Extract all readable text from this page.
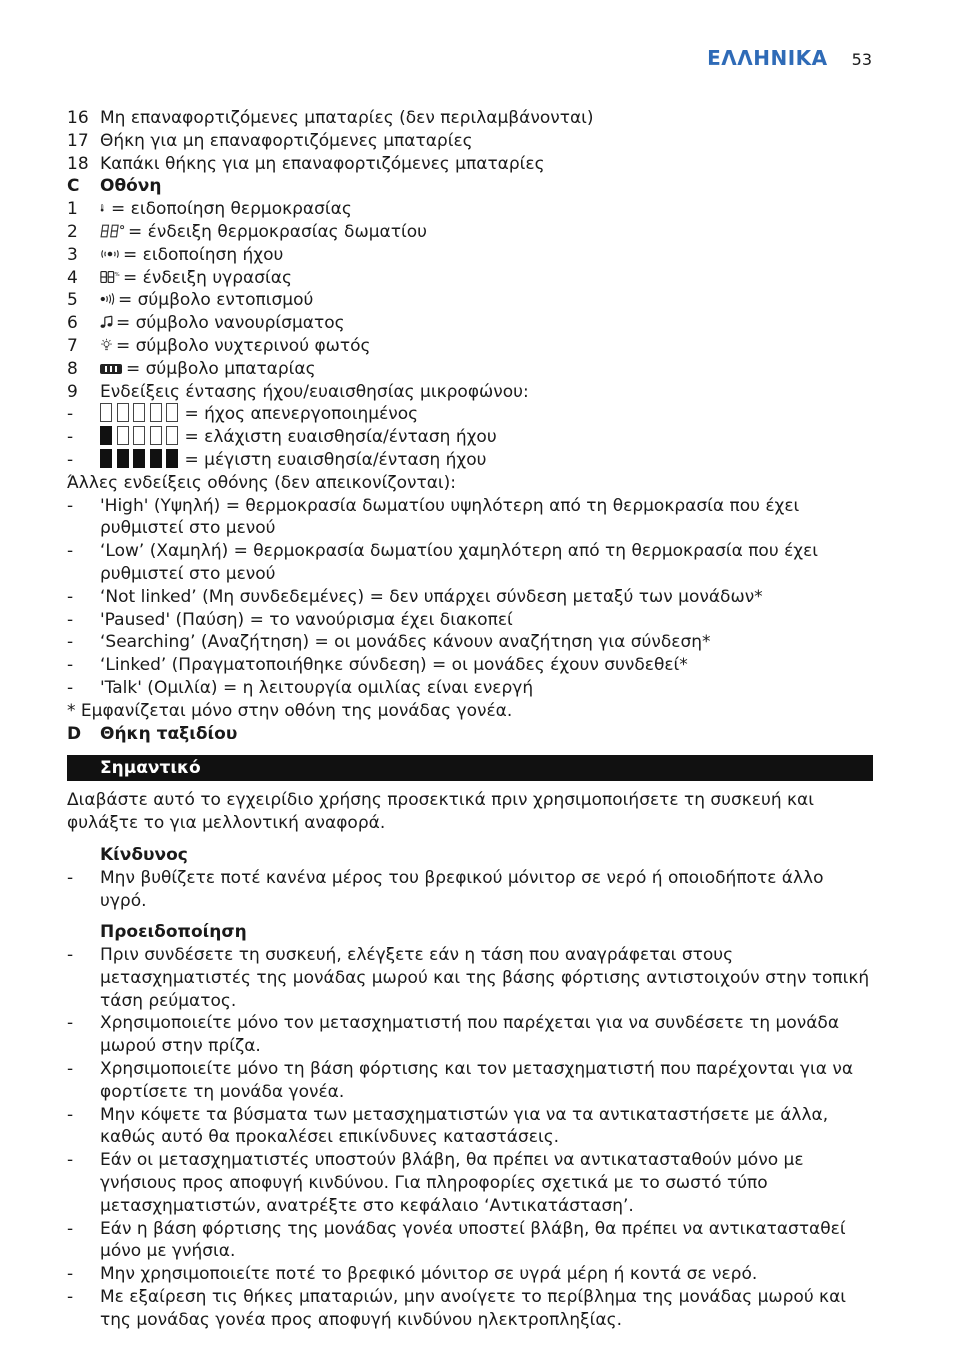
ΕΛΛΗΝΙΚΑ 53
16 Μη επαναφορτιζόμενες μπαταρίες (δεν περιλαμβάνονται)
17 Θήκη για μη επαναφορτιζόμενες μπαταρίες
18 Καπάκι θήκης για μη επαναφορτιζόμενες μπαταρίες
C	Οθόνη
1	= ειδοποίηση θερμοκρασίας
2	= ένδειξη θερμοκρασίας δωματίου
3	= ειδοποίηση ήχου
4	% = ένδειξη υγρασίας
5	= σύμβολο εντοπισμού
6	= σύμβολο νανουρίσματος
7	= σύμβολο νυχτερινού φωτός
8	= σύμβολο μπαταρίας
9	Ενδείξεις έντασης ήχου/ευαισθησίας μικροφώνου:
-	= ήχος απενεργοποιημένος
-	= ελάχιστη ευαισθησία/ένταση ήχου
-	= μέγιστη ευαισθησία/ένταση ήχου
Άλλες ενδείξεις οθόνης (δεν απεικονίζονται):
-	'High' (Υψηλή) = θερμοκρασία δωματίου υψηλότερη από τη θερμοκρασία που έχει ρυθμιστεί στο μενού
-	‘Low’ (Χαμηλή) = θερμοκρασία δωματίου χαμηλότερη από τη θερμοκρασία που έχει ρυθμιστεί στο μενού
-	‘Not linked’ (Μη συνδεδεμένες) = δεν υπάρχει σύνδεση μεταξύ των μονάδων*
-	'Paused' (Παύση) = το νανούρισμα έχει διακοπεί
-	‘Searching’ (Αναζήτηση) = οι μονάδες κάνουν αναζήτηση για σύνδεση*
-	‘Linked’ (Πραγματοποιήθηκε σύνδεση) = οι μονάδες έχουν συνδεθεί*
-	'Talk' (Ομιλία) = η λειτουργία ομιλίας είναι ενεργή
* Εμφανίζεται μόνο στην οθόνη της μονάδας γονέα.
D	Θήκη ταξιδίου
Σημαντικό
Διαβάστε αυτό το εγχειρίδιο χρήσης προσεκτικά πριν χρησιμοποιήσετε τη συσκευή και φυλάξτε το για μελλοντική αναφορά.
Κίνδυνος
-	Μην βυθίζετε ποτέ κανένα μέρος του βρεφικού μόνιτορ σε νερό ή οποιοδήποτε άλλο υγρό.
Προειδοποίηση
-	Πριν συνδέσετε τη συσκευή, ελέγξετε εάν η τάση που αναγράφεται στους μετασχηματιστές της μονάδας μωρού και της βάσης φόρτισης αντιστοιχούν στην τοπική τάση ρεύματος.
-	Χρησιμοποιείτε μόνο τον μετασχηματιστή που παρέχεται για να συνδέσετε τη μονάδα μωρού στην πρίζα.
-	Χρησιμοποιείτε μόνο τη βάση φόρτισης και τον μετασχηματιστή που παρέχονται για να φορτίσετε τη μονάδα γονέα.
-	Μην κόψετε τα βύσματα των μετασχηματιστών για να τα αντικαταστήσετε με άλλα, καθώς αυτό θα προκαλέσει επικίνδυνες καταστάσεις.
-	Εάν οι μετασχηματιστές υποστούν βλάβη, θα πρέπει να αντικατασταθούν μόνο με γνήσιους προς αποφυγή κινδύνου. Για πληροφορίες σχετικά με το σωστό τύπο μετασχηματιστών, ανατρέξτε στο κεφάλαιο ‘Αντικατάσταση’.
-	Εάν η βάση φόρτισης της μονάδας γονέα υποστεί βλάβη, θα πρέπει να αντικατασταθεί μόνο με γνήσια.
-	Μην χρησιμοποιείτε ποτέ το βρεφικό μόνιτορ σε υγρά μέρη ή κοντά σε νερό.
-	Με εξαίρεση τις θήκες μπαταριών, μην ανοίγετε το περίβλημα της μονάδας μωρού και της μονάδας γονέα προς αποφυγή κινδύνου ηλεκτροπληξίας.
